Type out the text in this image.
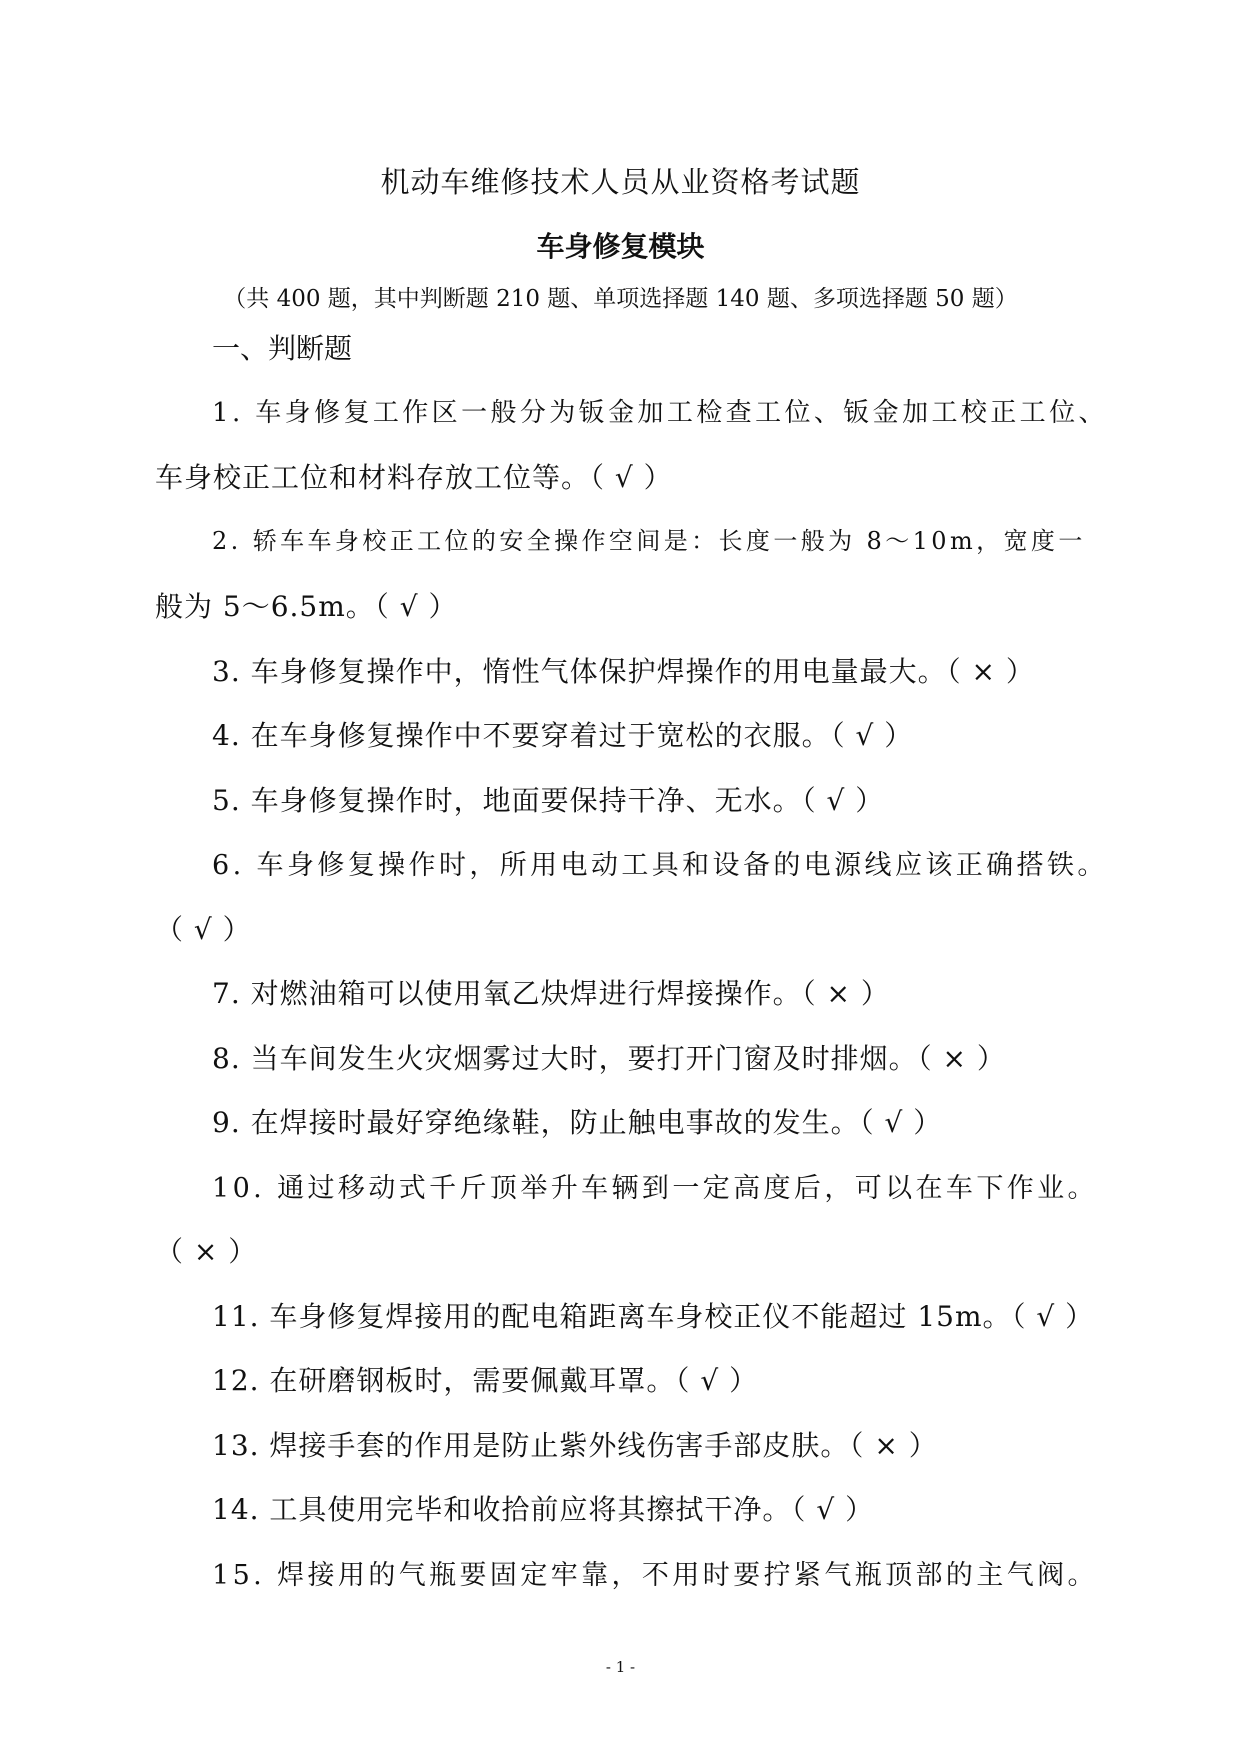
机动车维修技术人员从业资格考试题
车身修复模块
（共 400 题，其中判断题 210 题、单项选择题 140 题、多项选择题 50 题）
一、判断题
1. 车身修复工作区一般分为钣金加工检查工位、钣金加工校正工位、
车身校正工位和材料存放工位等。（ √ ）
2. 轿车车身校正工位的安全操作空间是：长度一般为 8～10m，宽度一
般为 5～6.5m。（ √ ）
3. 车身修复操作中，惰性气体保护焊操作的用电量最大。（ × ）
4. 在车身修复操作中不要穿着过于宽松的衣服。（ √ ）
5. 车身修复操作时，地面要保持干净、无水。（ √ ）
6. 车身修复操作时，所用电动工具和设备的电源线应该正确搭铁。
（ √ ）
7. 对燃油箱可以使用氧乙炔焊进行焊接操作。（ × ）
8. 当车间发生火灾烟雾过大时，要打开门窗及时排烟。（ × ）
9. 在焊接时最好穿绝缘鞋，防止触电事故的发生。（ √ ）
10. 通过移动式千斤顶举升车辆到一定高度后，可以在车下作业。
（ × ）
11. 车身修复焊接用的配电箱距离车身校正仪不能超过 15m。（ √ ）
12. 在研磨钢板时，需要佩戴耳罩。（ √ ）
13. 焊接手套的作用是防止紫外线伤害手部皮肤。（ × ）
14. 工具使用完毕和收拾前应将其擦拭干净。（ √ ）
15. 焊接用的气瓶要固定牢靠，不用时要拧紧气瓶顶部的主气阀。
- 1 -
